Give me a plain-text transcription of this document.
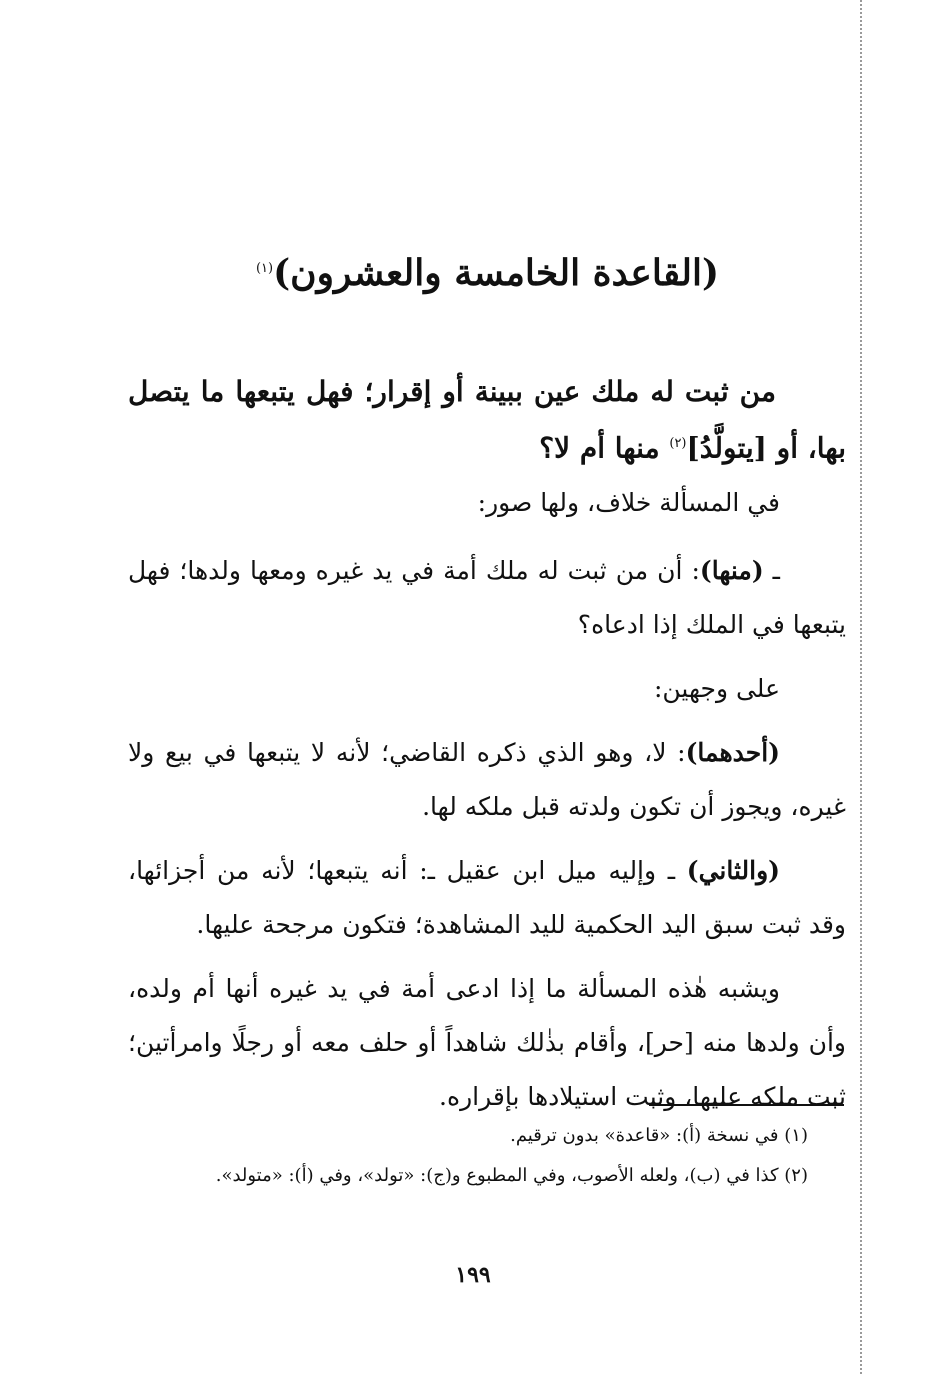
(القاعدة الخامسة والعشرون)$^{(١)}$
من ثبت له ملك عين ببينة أو إقرار؛ فهل يتبعها ما يتصل بها، أو [يتولَّدُ]$^{(٢)}$ منها أم لا؟

في المسألة خلاف، ولها صور:

ـ (منها): أن من ثبت له ملك أمة في يد غيره ومعها ولدها؛ فهل يتبعها في الملك إذا ادعاه؟

على وجهين:

(أحدهما): لا، وهو الذي ذكره القاضي؛ لأنه لا يتبعها في بيع ولا غيره، ويجوز أن تكون ولدته قبل ملكه لها.

(والثاني) ـ وإليه ميل ابن عقيل ـ: أنه يتبعها؛ لأنه من أجزائها، وقد ثبت سبق اليد الحكمية لليد المشاهدة؛ فتكون مرجحة عليها.

ويشبه هٰذه المسألة ما إذا ادعى أمة في يد غيره أنها أم ولده، وأن ولدها منه [حر]، وأقام بذٰلك شاهداً أو حلف معه أو رجلًا وامرأتين؛ ثبت ملكه عليها، وثبت استيلادها بإقراره.

(١) في نسخة (أ): «قاعدة» بدون ترقيم.

(٢) كذا في (ب)، ولعله الأصوب، وفي المطبوع و(ج): «تولد»، وفي (أ): «متولد».

١٩٩
